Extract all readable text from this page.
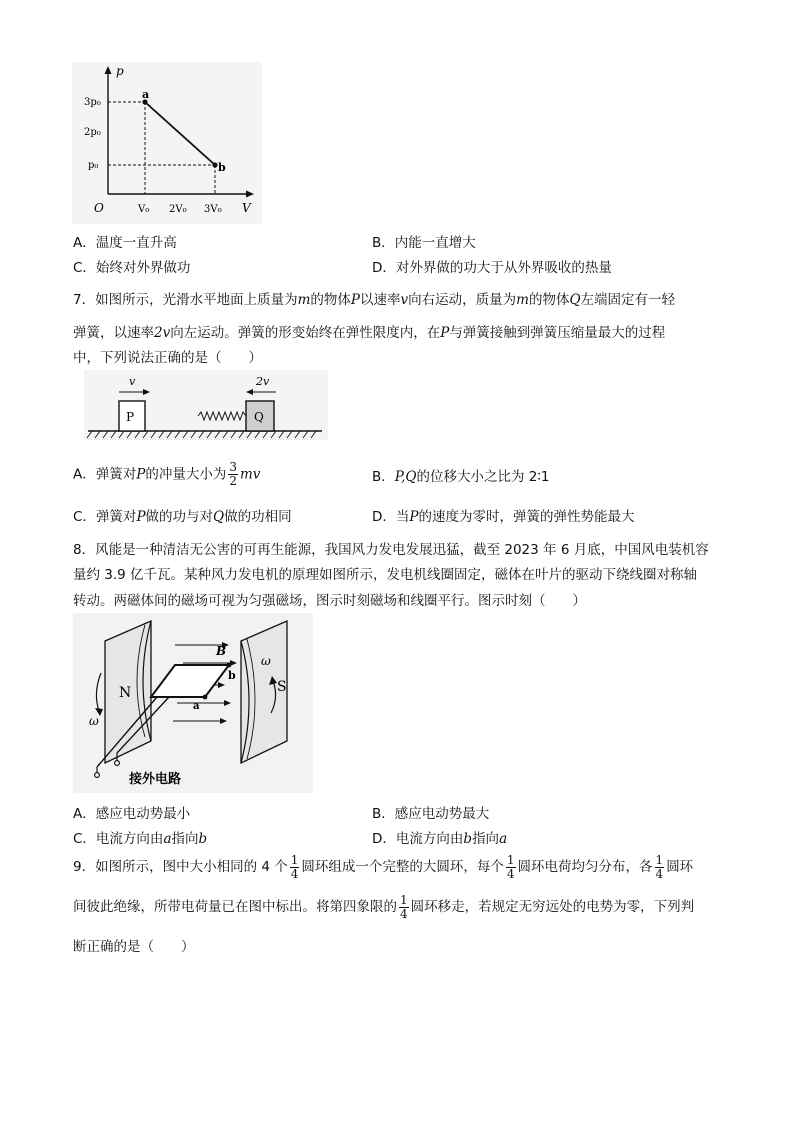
p
V
O
a
b
3p₀
2p₀
p₀
V₀ 2V₀ 3V₀
A．温度一直升高	B．内能一直增大
C．始终对外界做功	D．对外界做的功大于从外界吸收的热量
7．如图所示，光滑水平地面上质量为m的物体P以速率v向右运动，质量为m的物体Q左端固定有一轻
弹簧，以速率2v向左运动。弹簧的形变始终在弹性限度内，在P与弹簧接触到弹簧压缩量最大的过程
中，下列说法正确的是（　　）
P	Q
v	2v
A．弹簧对P的冲量大小为 $\frac{3}{2}$ mv	B．P,Q的位移大小之比为 2∶1
C．弹簧对P做的功与对Q做的功相同	D．当P的速度为零时，弹簧的弹性势能最大
8．风能是一种清洁无公害的可再生能源，我国风力发电发展迅猛，截至 2023 年 6 月底，中国风电装机容
量约 3.9 亿千瓦。某种风力发电机的原理如图所示，发电机线圈固定，磁体在叶片的驱动下绕线圈对称轴
转动。两磁体间的磁场可视为匀强磁场，图示时刻磁场和线圈平行。图示时刻（　　）
N	S
B
b
a
接外电路
ω
ω
A．感应电动势最小	B．感应电动势最大
C．电流方向由a指向b	D．电流方向由b指向a
9．如图所示，图中大小相同的 4 个 $\frac{1}{4}$ 圆环组成一个完整的大圆环，每个 $\frac{1}{4}$ 圆环电荷均匀分布，各 $\frac{1}{4}$ 圆环
间彼此绝缘，所带电荷量已在图中标出。将第四象限的 $\frac{1}{4}$ 圆环移走，若规定无穷远处的电势为零，下列判
断正确的是（　　）
